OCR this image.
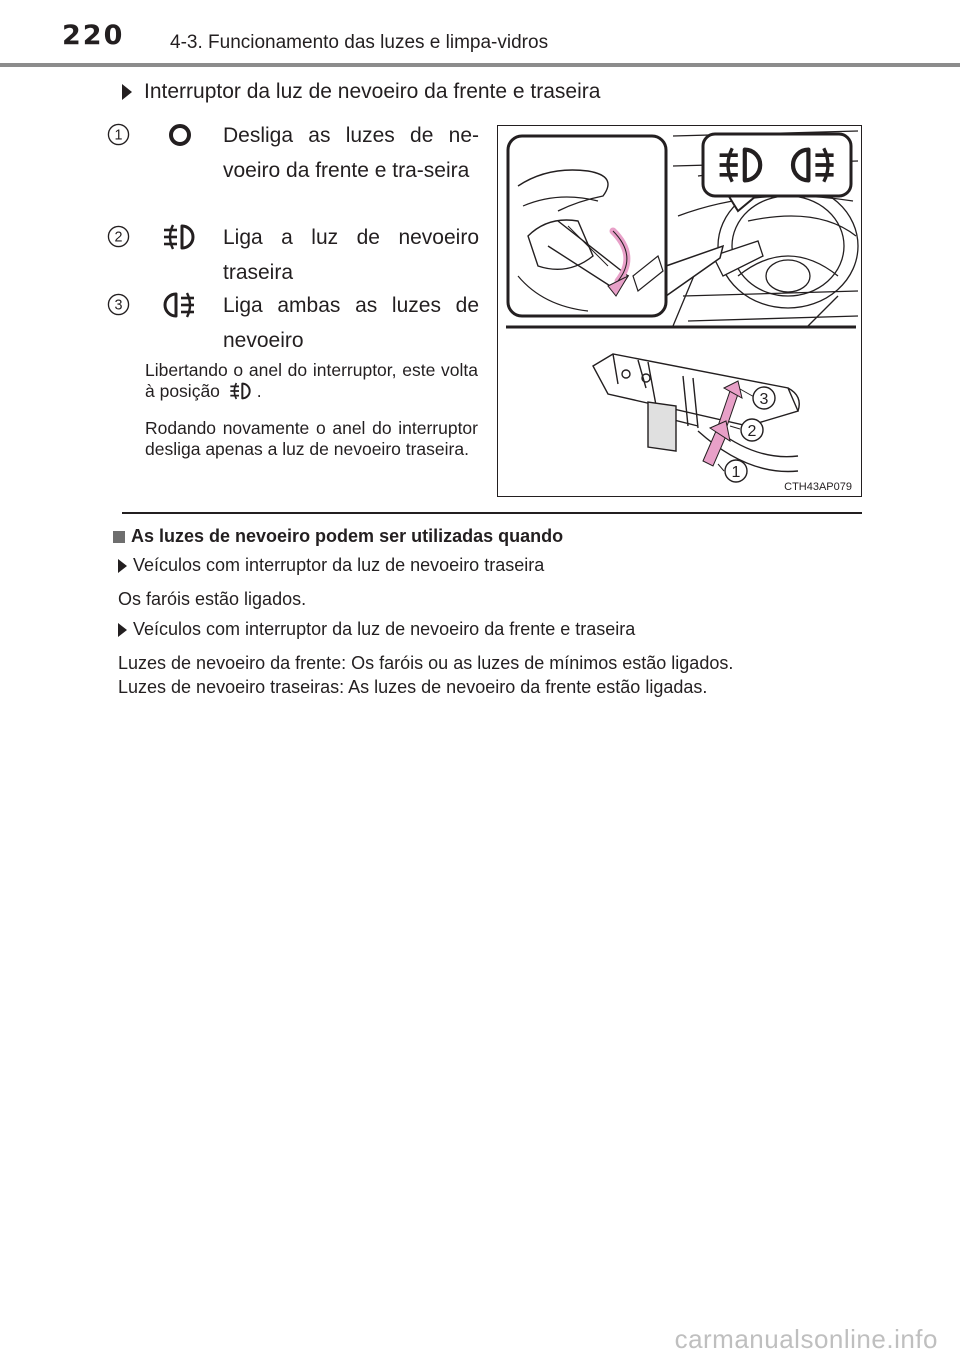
220 4-3. Funcionamento das luzes e limpa-vidros
Interruptor da luz de nevoeiro da frente e traseira
1	Desliga as luzes de ne-voeiro da frente e tra-seira
2	Liga a luz de nevoeiro traseira
3	Liga ambas as luzes de nevoeiro
Libertando o anel do interruptor, este volta à posição .
Rodando novamente o anel do interruptor desliga apenas a luz de nevoeiro traseira.
3
2
1
CTH43AP079
As luzes de nevoeiro podem ser utilizadas quando
Veículos com interruptor da luz de nevoeiro traseira
Os faróis estão ligados.
Veículos com interruptor da luz de nevoeiro da frente e traseira
Luzes de nevoeiro da frente: Os faróis ou as luzes de mínimos estão ligados.
Luzes de nevoeiro traseiras: As luzes de nevoeiro da frente estão ligadas.
carmanualsonline.info
